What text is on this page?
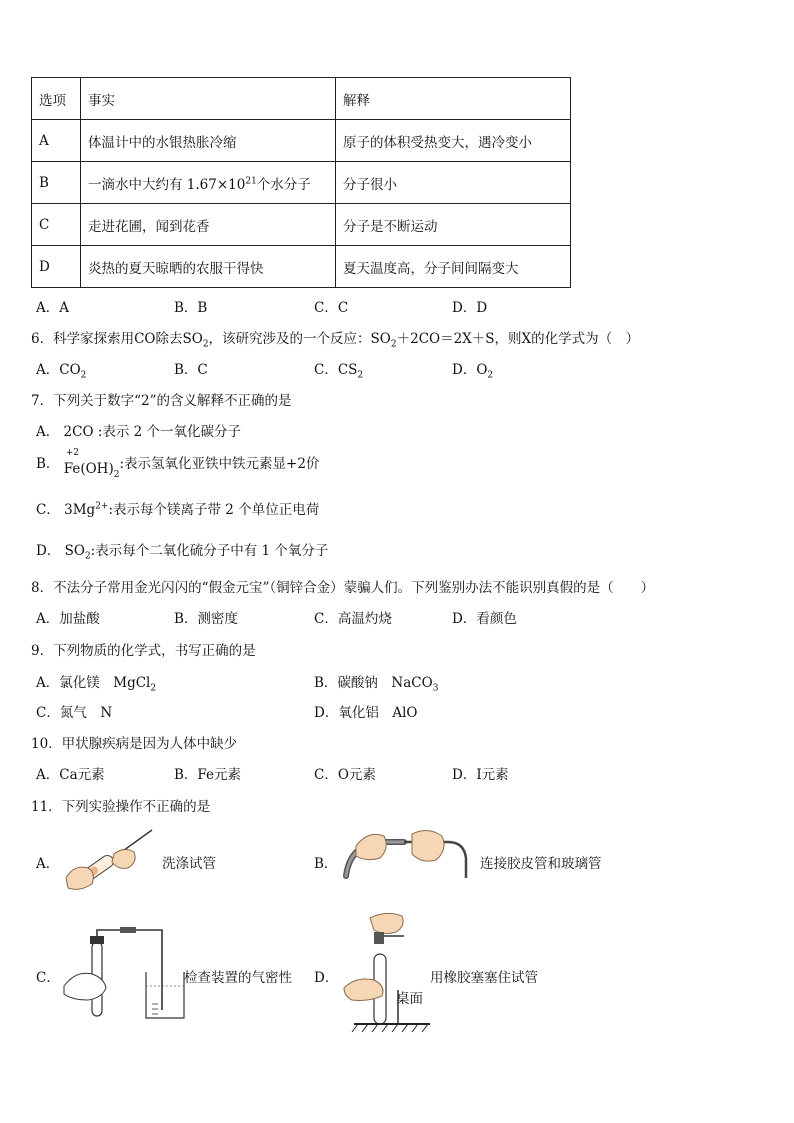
选项	事实	解释
A	体温计中的水银热胀冷缩	原子的体积受热变大，遇冷变小
B	一滴水中大约有 $1.67\times 10^{21}$个水分子	分子很小
C	走进花圃，闻到花香	分子是不断运动
D	炎热的夏天晾晒的农服干得快	夏天温度高，分子间间隔变大
A．A	B．B	C．C	D．D
6．科学家探索用CO除去$SO_2$，该研究涉及的一个反应：$SO_2+2CO=2X+S$，则X的化学式为（　）
A．$CO_2$	B．C	C．$CS_2$	D．$O_2$
7．下列关于数字“2”的含义解释不正确的是
A． 2CO :表示 2 个一氧化碳分子
B．
+2
$Fe(OH)_2$:表示氢氧化亚铁中铁元素显+2价
C． $3Mg^{2+}$:表示每个镁离子带 2 个单位正电荷
D． $SO_2$:表示每个二氧化硫分子中有 1 个氧分子
8．不法分子常用金光闪闪的“假金元宝”（铜锌合金）蒙骗人们。下列鉴别办法不能识别真假的是（　　）
A．加盐酸	B．测密度	C．高温灼烧	D．看颜色
9．下列物质的化学式，书写正确的是
A．氯化镁　MgCl$_2$	B．碳酸钠　NaCO$_3$
C．氮气　N	D．氧化铝　AlO
10．甲状腺疾病是因为人体中缺少
A．Ca元素	B．Fe元素	C．O元素	D．I元素
11．下列实验操作不正确的是
A．	洗涤试管	B．	连接胶皮管和玻璃管
C．	检查装置的气密性 D．	用橡胶塞塞住试管
桌面
